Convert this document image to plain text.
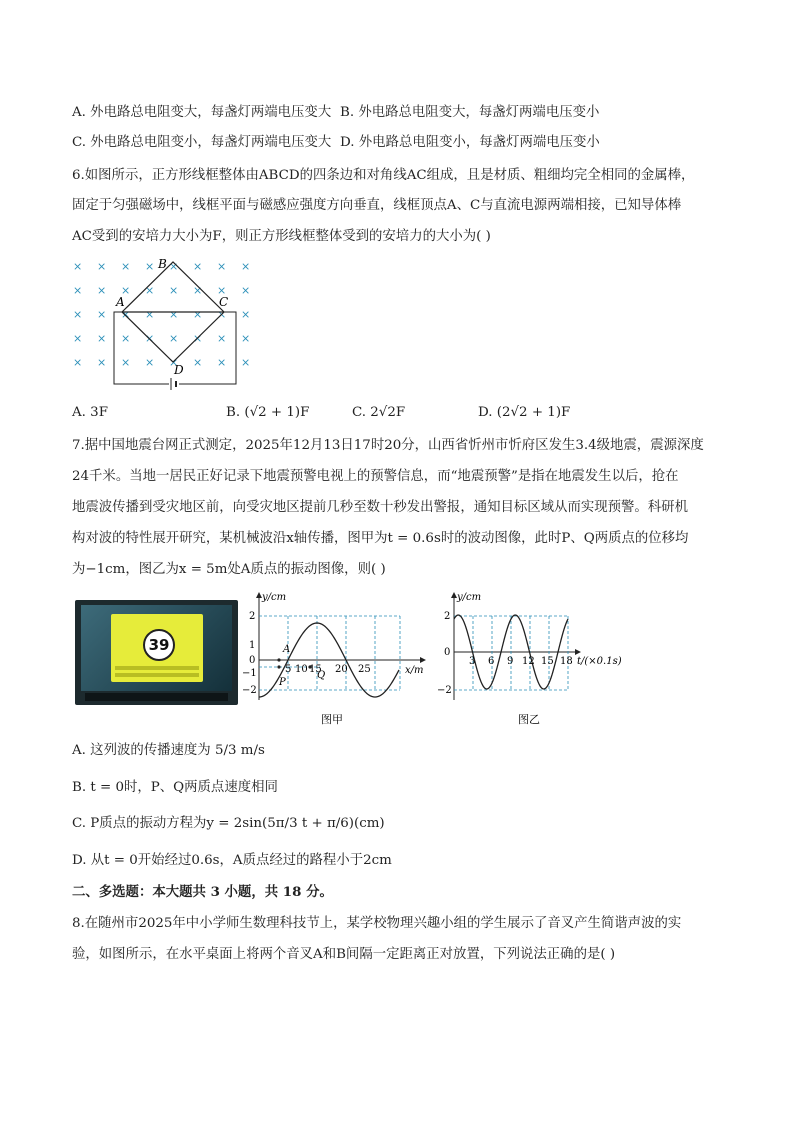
A. 外电路总电阻变大，每盏灯两端电压变大 B. 外电路总电阻变大，每盏灯两端电压变小
C. 外电路总电阻变小，每盏灯两端电压变大 D. 外电路总电阻变小，每盏灯两端电压变小
6.如图所示，正方形线框整体由ABCD的四条边和对角线AC组成，且是材质、粗细均完全相同的金属棒，
固定于匀强磁场中，线框平面与磁感应强度方向垂直，线框顶点A、C与直流电源两端相接，已知导体棒
AC受到的安培力大小为F，则正方形线框整体受到的安培力的大小为( )
× × × × × × × ×
× × × × × × × ×
× × × × × × × ×
× × × × × × × ×
× × × × × × × ×
B
A	C
D
A. 3F	B. (√2 + 1)F	C. 2√2F	D. (2√2 + 1)F
7.据中国地震台网正式测定，2025年12月13日17时20分，山西省忻州市忻府区发生3.4级地震，震源深度
24千米。当地一居民正好记录下地震预警电视上的预警信息，而“地震预警”是指在地震发生以后，抢在
地震波传播到受灾地区前，向受灾地区提前几秒至数十秒发出警报，通知目标区域从而实现预警。科研机
构对波的特性展开研究，某机械波沿x轴传播，图甲为t = 0.6s时的波动图像，此时P、Q两质点的位移均
为−1cm，图乙为x = 5m处A质点的振动图像，则( )
39
y/cm
x/m
2
1
0
−1
−2
5 10 15 20 25
A
P
Q
图甲
y/cm
t/(×0.1s)
2
0
−2
3 6 9 12 15 18
图乙
A. 这列波的传播速度为 5/3 m/s
B. t = 0时，P、Q两质点速度相同
C. P质点的振动方程为y = 2sin(5π/3 t + π/6)(cm)
D. 从t = 0开始经过0.6s，A质点经过的路程小于2cm
二、多选题：本大题共 3 小题，共 18 分。
8.在随州市2025年中小学师生数理科技节上，某学校物理兴趣小组的学生展示了音叉产生简谐声波的实
验，如图所示，在水平桌面上将两个音叉A和B间隔一定距离正对放置，下列说法正确的是( )
